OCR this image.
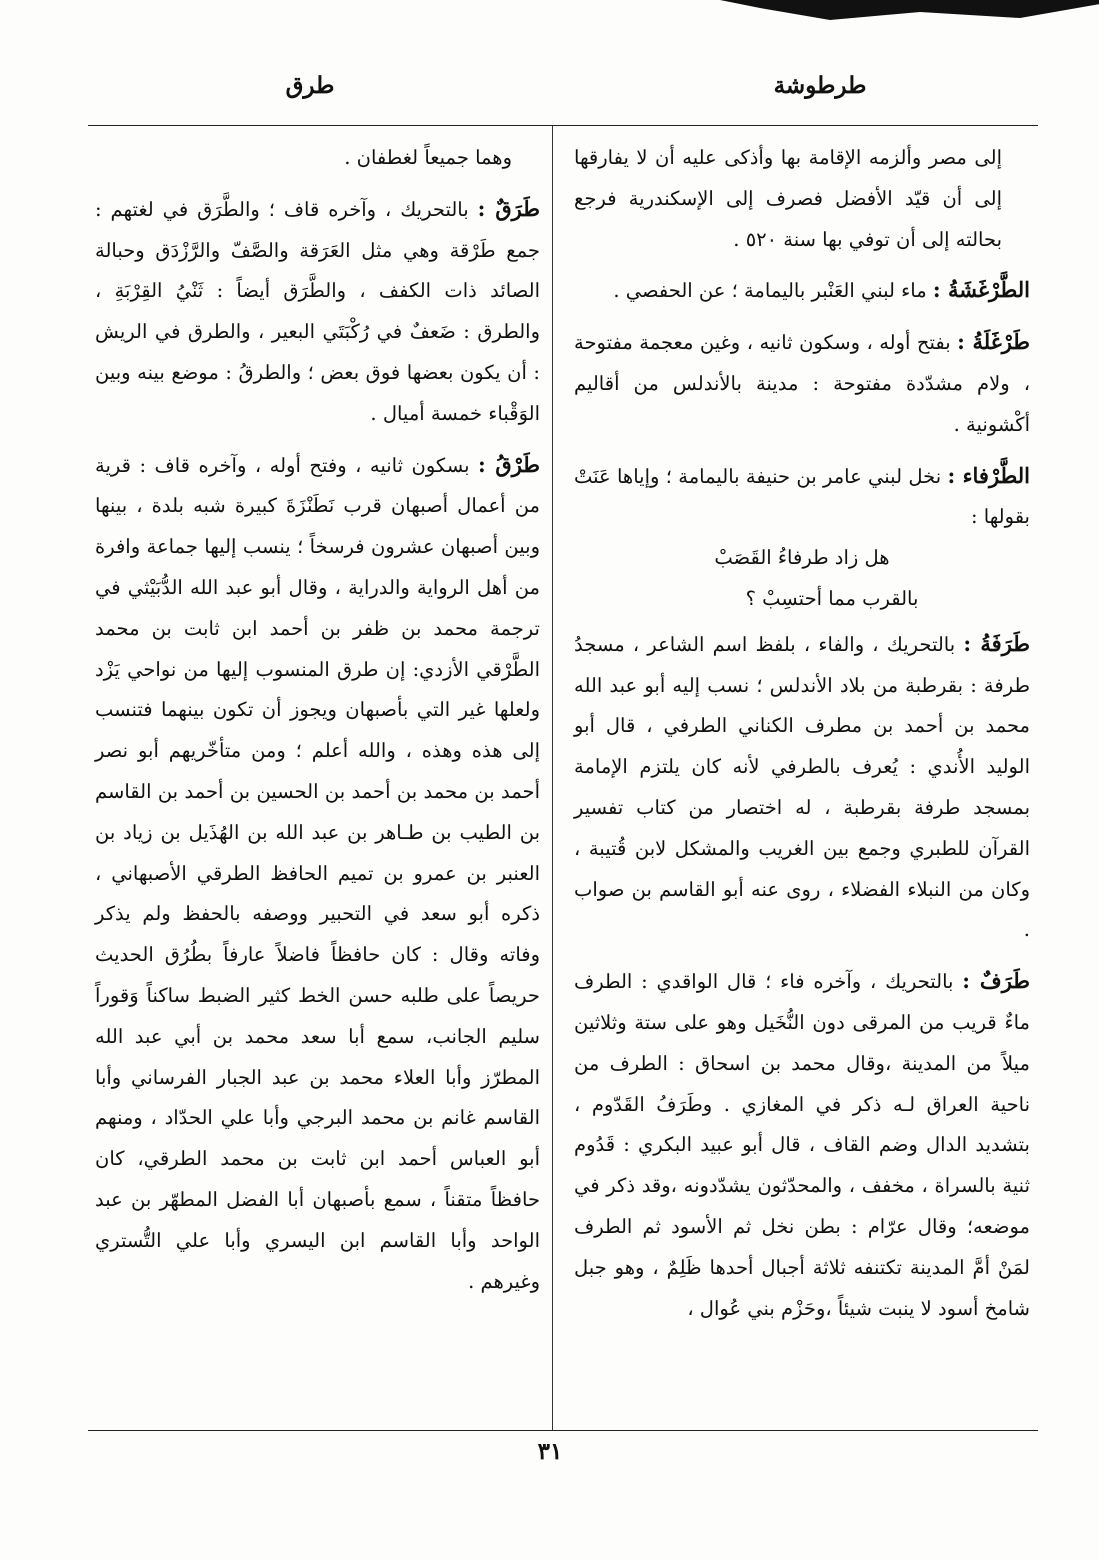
طرطوشة
طرق

إلى مصر وألزمه الإقامة بها وأذكى عليه أن لا يفارقها إلى أن قيّد الأفضل فصرف إلى الإسكندرية فرجع بحالته إلى أن توفي بها سنة ٥٢٠ .

الطَّرْغَشَةُ : ماء لبني العَنْبر باليمامة ؛ عن الحفصي .

طَرْغَلَةُ : بفتح أوله ، وسكون ثانيه ، وغين معجمة مفتوحة ، ولام مشدّدة مفتوحة : مدينة بالأندلس من أقاليم أكْشونية .

الطَّرْفاء : نخل لبني عامر بن حنيفة باليمامة ؛ وإياها عَنَتْ بقولها :

هل زاد طرفاءُ القَصَبْ

بالقرب مما أحتسِبْ ؟

طَرَفَةُ : بالتحريك ، والفاء ، بلفظ اسم الشاعر ، مسجدُ طرفة : بقرطبة من بلاد الأندلس ؛ نسب إليه أبو عبد الله محمد بن أحمد بن مطرف الكناني الطرفي ، قال أبو الوليد الأُندي : يُعرف بالطرفي لأنه كان يلتزم الإمامة بمسجد طرفة بقرطبة ، له اختصار من كتاب تفسير القرآن للطبري وجمع بين الغريب والمشكل لابن قُتيبة ، وكان من النبلاء الفضلاء ، روى عنه أبو القاسم بن صواب .

طَرَفٌ : بالتحريك ، وآخره فاء ؛ قال الواقدي : الطرف ماءٌ قريب من المرقى دون النُّخَيل وهو على ستة وثلاثين ميلاً من المدينة ،وقال محمد بن اسحاق : الطرف من ناحية العراق لـه ذكر في المغازي . وطَرَفُ القَدّوم ، بتشديد الدال وضم القاف ، قال أبو عبيد البكري : قَدُوم ثنية بالسراة ، مخفف ، والمحدّثون يشدّدونه ،وقد ذكر في موضعه؛ وقال عرّام : بطن نخل ثم الأسود ثم الطرف لمَنْ أمَّ المدينة تكتنفه ثلاثة أجبال أحدها ظَلِمٌ ، وهو جبل شامخ أسود لا ينبت شيئاً ،وحَزْم بني عُوال ،

وهما جميعاً لغطفان .

طَرَقٌ : بالتحريك ، وآخره قاف ؛ والطَّرَق في لغتهم : جمع طَرْقة وهي مثل العَرَقة والصَّفّ والرَّزْدَق وحبالة الصائد ذات الكفف ، والطَّرَق أيضاً : ثَنْيُ القِرْبَةِ ، والطرق : ضَعفٌ في رُكْبَتَي البعير ، والطرق في الريش : أن يكون بعضها فوق بعض ؛ والطرقُ : موضع بينه وبين الوَقْباء خمسة أميال .

طَرْقُ : بسكون ثانيه ، وفتح أوله ، وآخره قاف : قرية من أعمال أصبهان قرب نَطَنْزَةَ كبيرة شبه بلدة ، بينها وبين أصبهان عشرون فرسخاً ؛ ينسب إليها جماعة وافرة من أهل الرواية والدراية ، وقال أبو عبد الله الدُّبَيْثي في ترجمة محمد بن ظفر بن أحمد ابن ثابت بن محمد الطَّرْقي الأزدي: إن طرق المنسوب إليها من نواحي يَزْد ولعلها غير التي بأصبهان ويجوز أن تكون بينهما فتنسب إلى هذه وهذه ، والله أعلم ؛ ومن متأخّريهم أبو نصر أحمد بن محمد بن أحمد بن الحسين بن أحمد بن القاسم بن الطيب بن طـاهر بن عبد الله بن الهُذَيل بن زياد بن العنبر بن عمرو بن تميم الحافظ الطرقي الأصبهاني ، ذكره أبو سعد في التحبير ووصفه بالحفظ ولم يذكر وفاته وقال : كان حافظاً فاضلاً عارفاً بطُرُق الحديث حريصاً على طلبه حسن الخط كثير الضبط ساكناً وَقوراً سليم الجانب، سمع أبا سعد محمد بن أبي عبد الله المطرّز وأبا العلاء محمد بن عبد الجبار الفرساني وأبا القاسم غانم بن محمد البرجي وأبا علي الحدّاد ، ومنهم أبو العباس أحمد ابن ثابت بن محمد الطرقي، كان حافظاً متقناً ، سمع بأصبهان أبا الفضل المطهّر بن عبد الواحد وأبا القاسم ابن اليسري وأبا علي التُّستري وغيرهم .

٣١
